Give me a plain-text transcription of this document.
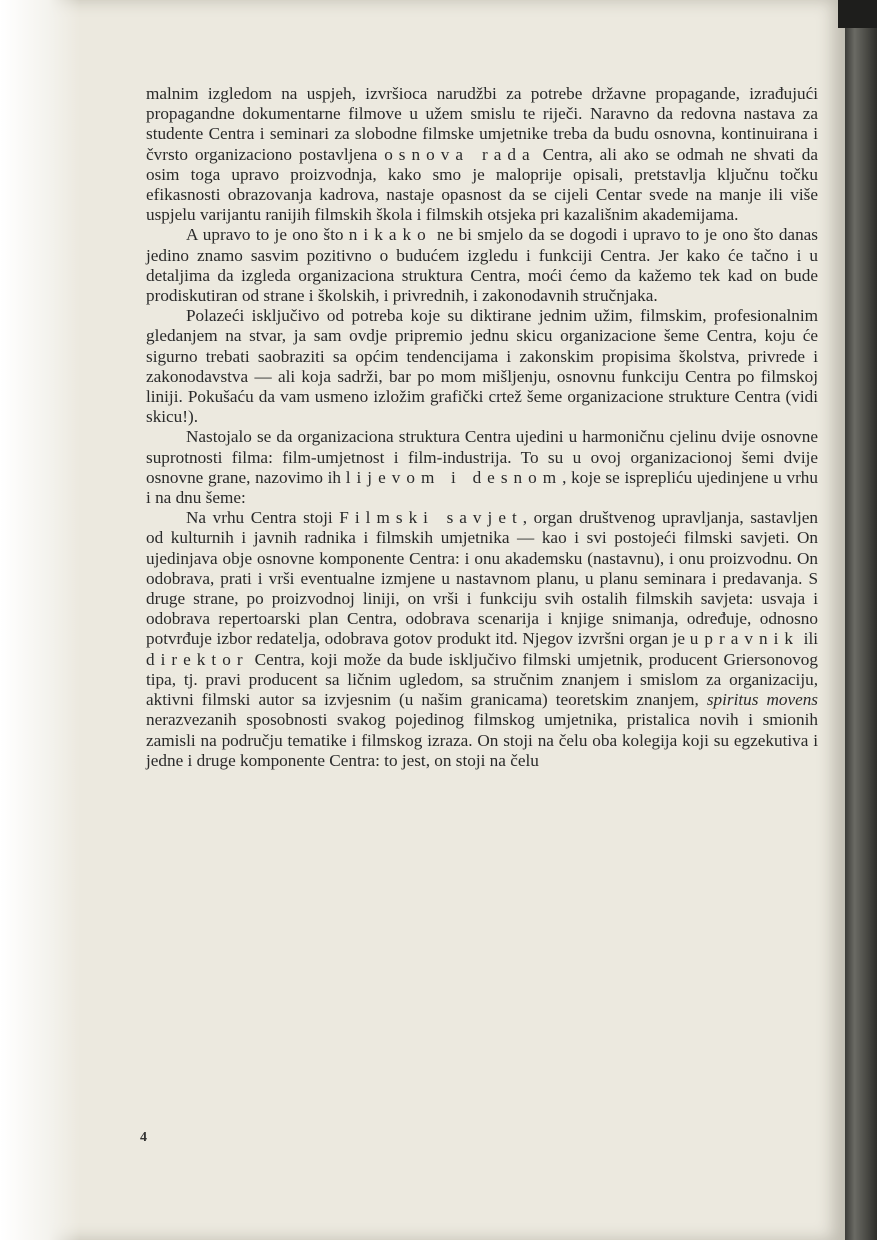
malnim izgledom na uspjeh, izvršioca narudžbi za potrebe državne propagande, izrađujući propagandne dokumentarne filmove u užem smislu te riječi. Naravno da redovna nastava za studente Centra i seminari za slobodne filmske umjetnike treba da budu osnovna, kontinuirana i čvrsto organizaciono postavljena osnova rada Centra, ali ako se odmah ne shvati da osim toga upravo proizvodnja, kako smo je maloprije opisali, pretstavlja ključnu točku efikasnosti obrazovanja kadrova, nastaje opasnost da se cijeli Centar svede na manje ili više uspjelu varijantu ranijih filmskih škola i filmskih otsjeka pri kazališnim akademijama.

A upravo to je ono što nikako ne bi smjelo da se dogodi i upravo to je ono što danas jedino znamo sasvim pozitivno o budućem izgledu i funkciji Centra. Jer kako će tačno i u detaljima da izgleda organizaciona struktura Centra, moći ćemo da kažemo tek kad on bude prodiskutiran od strane i školskih, i privrednih, i zakonodavnih stručnjaka.

Polazeći isključivo od potreba koje su diktirane jednim užim, filmskim, profesionalnim gledanjem na stvar, ja sam ovdje pripremio jednu skicu organizacione šeme Centra, koju će sigurno trebati saobraziti sa općim tendencijama i zakonskim propisima školstva, privrede i zakonodavstva — ali koja sadrži, bar po mom mišljenju, osnovnu funkciju Centra po filmskoj liniji. Pokušaću da vam usmeno izložim grafički crtež šeme organizacione strukture Centra (vidi skicu!).

Nastojalo se da organizaciona struktura Centra ujedini u harmoničnu cjelinu dvije osnovne suprotnosti filma: film-umjetnost i film-industrija. To su u ovoj organizacionoj šemi dvije osnovne grane, nazovimo ih lijevom i desnom, koje se isprepliću ujedinjene u vrhu i na dnu šeme:

Na vrhu Centra stoji Filmski savjet, organ društvenog upravljanja, sastavljen od kulturnih i javnih radnika i filmskih umjetnika — kao i svi postojeći filmski savjeti. On ujedinjava obje osnovne komponente Centra: i onu akademsku (nastavnu), i onu proizvodnu. On odobrava, prati i vrši eventualne izmjene u nastavnom planu, u planu seminara i predavanja. S druge strane, po proizvodnoj liniji, on vrši i funkciju svih ostalih filmskih savjeta: usvaja i odobrava repertoarski plan Centra, odobrava scenarija i knjige snimanja, određuje, odnosno potvrđuje izbor redatelja, odobrava gotov produkt itd. Njegov izvršni organ je upravnik ili direktor Centra, koji može da bude isključivo filmski umjetnik, producent Griersonovog tipa, tj. pravi producent sa ličnim ugledom, sa stručnim znanjem i smislom za organizaciju, aktivni filmski autor sa izvjesnim (u našim granicama) teoretskim znanjem, spiritus movens nerazvezanih sposobnosti svakog pojedinog filmskog umjetnika, pristalica novih i smionih zamisli na području tematike i filmskog izraza. On stoji na čelu oba kolegija koji su egzekutiva i jedne i druge komponente Centra: to jest, on stoji na čelu

4
